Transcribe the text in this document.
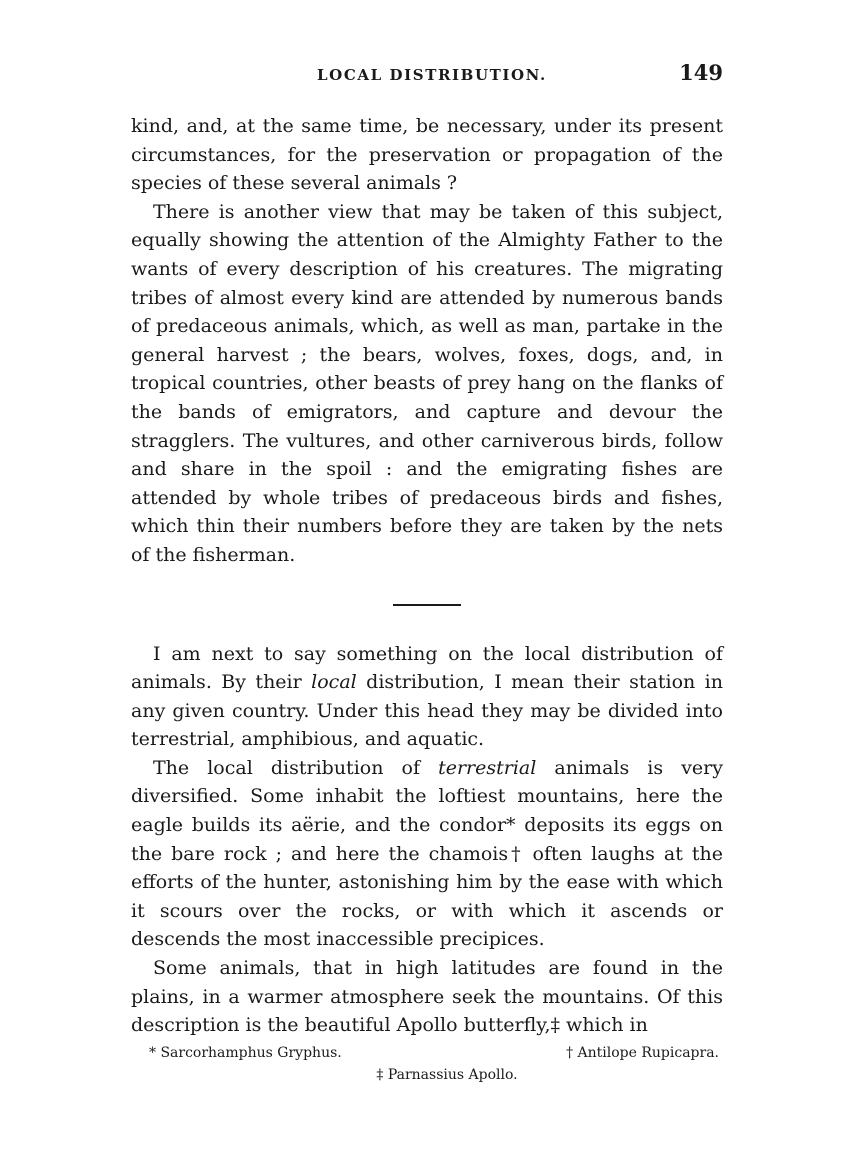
LOCAL DISTRIBUTION.	149

kind, and, at the same time, be necessary, under its present circumstances, for the preservation or propagation of the species of these several animals ?

There is another view that may be taken of this subject, equally showing the attention of the Almighty Father to the wants of every description of his creatures. The migrating tribes of almost every kind are attended by numerous bands of predaceous animals, which, as well as man, partake in the general harvest ; the bears, wolves, foxes, dogs, and, in tropical countries, other beasts of prey hang on the flanks of the bands of emigrators, and capture and devour the stragglers. The vultures, and other carniverous birds, follow and share in the spoil : and the emigrating fishes are attended by whole tribes of predaceous birds and fishes, which thin their numbers before they are taken by the nets of the fisherman.

I am next to say something on the local distribution of animals. By their local distribution, I mean their station in any given country. Under this head they may be divided into terrestrial, amphibious, and aquatic.

The local distribution of terrestrial animals is very diversified. Some inhabit the loftiest mountains, here the eagle builds its aërie, and the condor* deposits its eggs on the bare rock ; and here the chamois† often laughs at the efforts of the hunter, astonishing him by the ease with which it scours over the rocks, or with which it ascends or descends the most inaccessible precipices.

Some animals, that in high latitudes are found in the plains, in a warmer atmosphere seek the mountains. Of this description is the beautiful Apollo butterfly,‡ which in

* Sarcorhamphus Gryphus.	† Antilope Rupicapra.
‡ Parnassius Apollo.
